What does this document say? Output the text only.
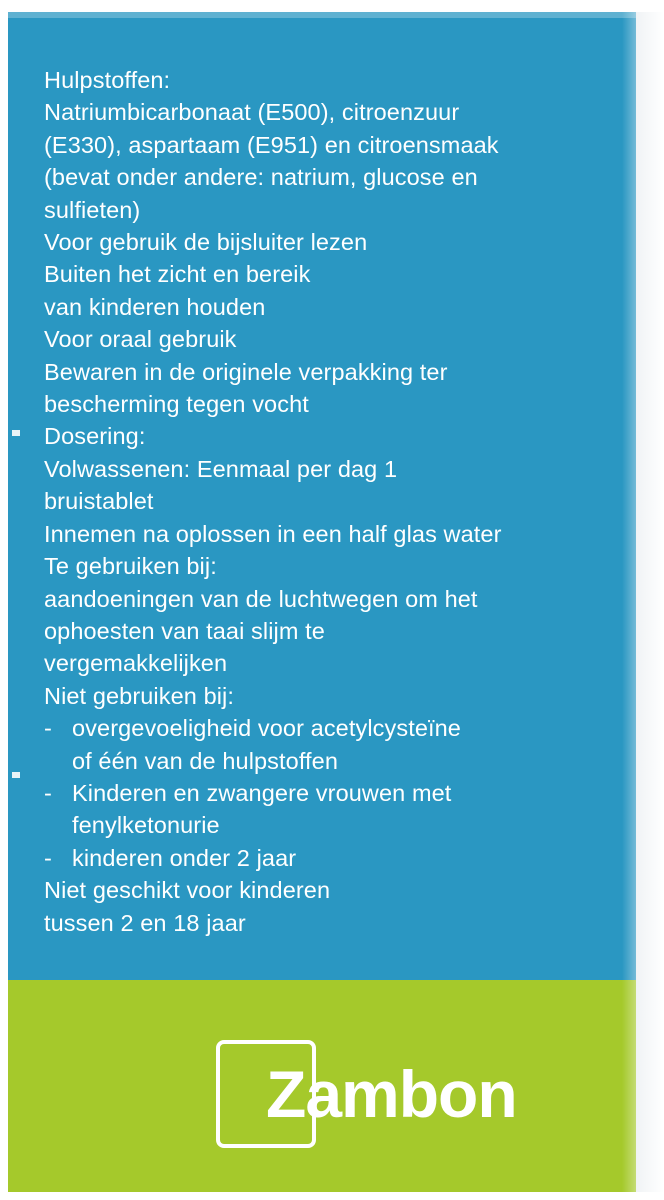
Hulpstoffen:
Natriumbicarbonaat (E500), citroenzuur
(E330), aspartaam (E951) en citroensmaak
(bevat onder andere: natrium, glucose en
sulfieten)
Voor gebruik de bijsluiter lezen
Buiten het zicht en bereik
van kinderen houden
Voor oraal gebruik
Bewaren in de originele verpakking ter
bescherming tegen vocht
Dosering:
Volwassenen: Eenmaal per dag 1
bruistablet
Innemen na oplossen in een half glas water
Te gebruiken bij:
aandoeningen van de luchtwegen om het
ophoesten van taai slijm te
vergemakkelijken
Niet gebruiken bij:
- overgevoeligheid voor acetylcysteïne
of één van de hulpstoffen
- Kinderen en zwangere vrouwen met
fenylketonurie
- kinderen onder 2 jaar
Niet geschikt voor kinderen
tussen 2 en 18 jaar
Zambon
